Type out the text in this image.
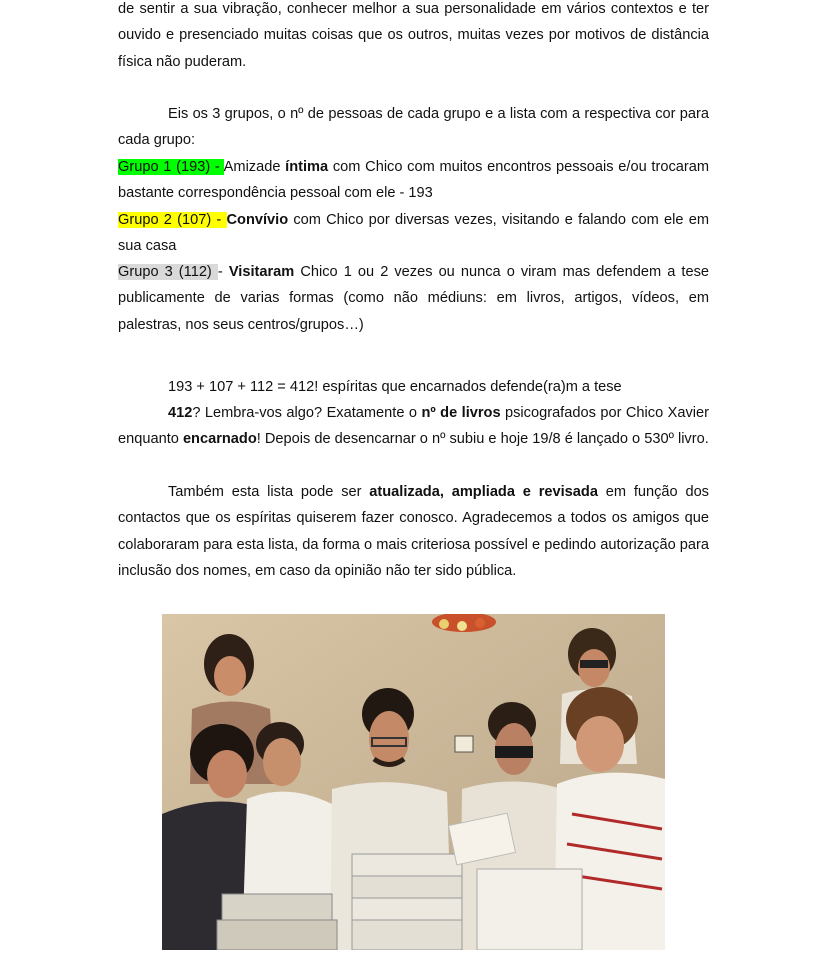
de sentir a sua vibração, conhecer melhor a sua personalidade em vários contextos e ter ouvido e presenciado muitas coisas que os outros, muitas vezes por motivos de distância física não puderam.

Eis os 3 grupos, o nº de pessoas de cada grupo e a lista com a respectiva cor para cada grupo:

Grupo 1 (193) - Amizade íntima com Chico com muitos encontros pessoais e/ou trocaram bastante correspondência pessoal com ele - 193

Grupo 2 (107) - Convívio com Chico por diversas vezes, visitando e falando com ele em sua casa

Grupo 3 (112) - Visitaram Chico 1 ou 2 vezes ou nunca o viram mas defendem a tese publicamente de varias formas (como não médiuns: em livros, artigos, vídeos, em palestras, nos seus centros/grupos…)

193 + 107 + 112 = 412! espíritas que encarnados defende(ra)m a tese

412? Lembra-vos algo? Exatamente o nº de livros psicografados por Chico Xavier enquanto encarnado! Depois de desencarnar o nº subiu e hoje 19/8 é lançado o 530º livro.

Também esta lista pode ser atualizada, ampliada e revisada em função dos contactos que os espíritas quiserem fazer conosco. Agradecemos a todos os amigos que colaboraram para esta lista, da forma o mais criteriosa possível e pedindo autorização para inclusão dos nomes, em caso da opinião não ter sido pública.
